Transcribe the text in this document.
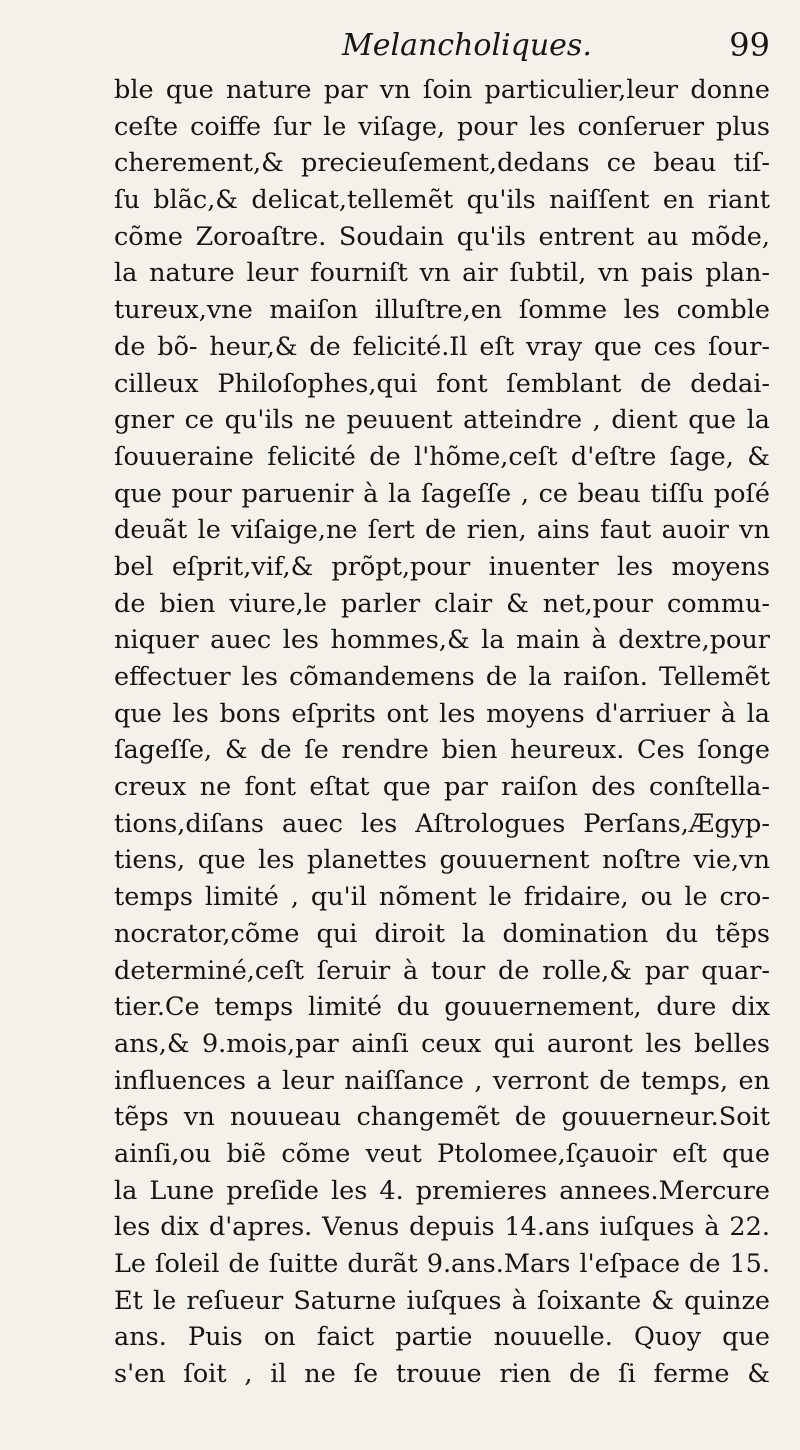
Melancholiques.	99
ble que nature par vn ſoin particulier,leur donne
ceſte coiffe ſur le viſage, pour les conſeruer plus
cherement,& precieuſement,dedans ce beau tiſ-
ſu blãc,& delicat,tellemẽt qu'ils naiſſent en riant
cõme Zoroaſtre. Soudain qu'ils entrent au mõde,
la nature leur fourniſt vn air ſubtil, vn pais plan-
tureux,vne maiſon illuſtre,en ſomme les comble
de bõ- heur,& de felicité.Il eſt vray que ces ſour-
cilleux Philoſophes,qui font ſemblant de dedai-
gner ce qu'ils ne peuuent atteindre , dient que la
ſouueraine felicité de l'hõme,ceſt d'eſtre ſage, &
que pour paruenir à la ſageſſe , ce beau tiſſu poſé
deuãt le viſaige,ne ſert de rien, ains faut auoir vn
bel eſprit,vif,& prõpt,pour inuenter les moyens
de bien viure,le parler clair & net,pour commu-
niquer auec les hommes,& la main à dextre,pour
effectuer les cõmandemens de la raiſon. Tellemẽt
que les bons eſprits ont les moyens d'arriuer à la
ſageſſe, & de ſe rendre bien heureux. Ces ſonge
creux ne font eſtat que par raiſon des conſtella-
tions,diſans auec les Aſtrologues Perſans,Ægyp-
tiens, que les planettes gouuernent noſtre vie,vn
temps limité , qu'il nõment le fridaire, ou le cro-
nocrator,cõme qui diroit la domination du tẽps
determiné,ceſt ſeruir à tour de rolle,& par quar-
tier.Ce temps limité du gouuernement, dure dix
ans,& 9.mois,par ainſi ceux qui auront les belles
influences a leur naiſſance , verront de temps, en
tẽps vn nouueau changemẽt de gouuerneur.Soit
ainſi,ou biẽ cõme veut Ptolomee,ſçauoir eſt que
la Lune preſide les 4. premieres annees.Mercure
les dix d'apres. Venus depuis 14.ans iuſques à 22.
Le ſoleil de ſuitte durãt 9.ans.Mars l'eſpace de 15.
Et le reſueur Saturne iuſques à ſoixante & quinze
ans. Puis on faict partie nouuelle. Quoy que
s'en ſoit , il ne ſe trouue rien de ſi ferme &
